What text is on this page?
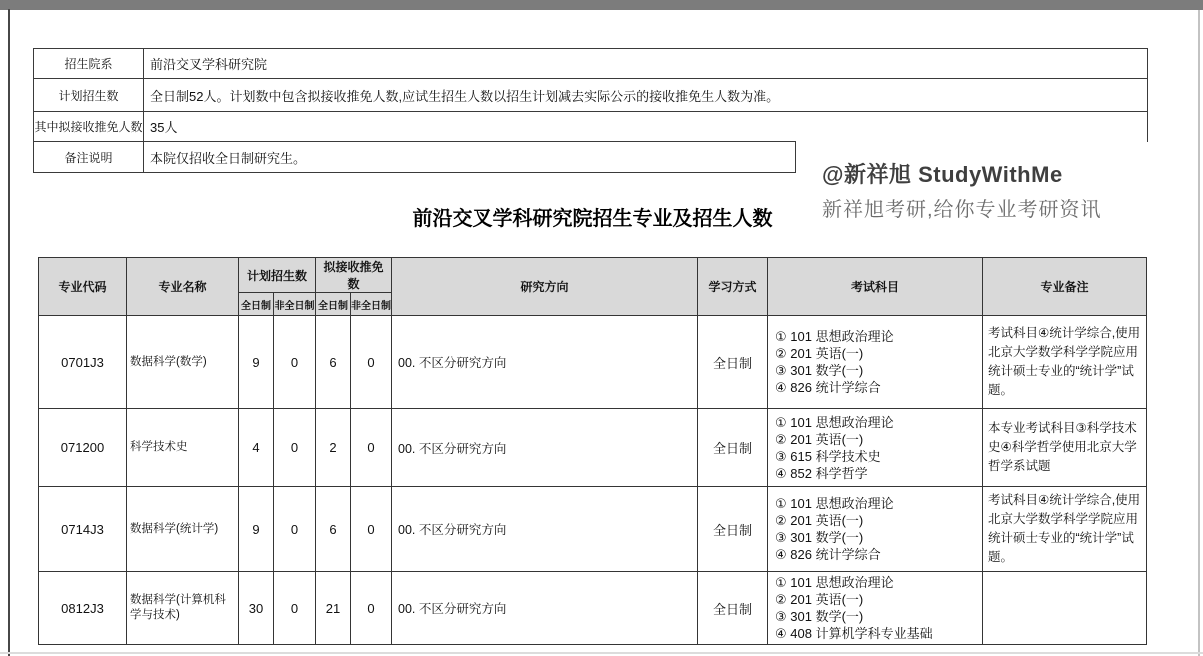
招生院系	前沿交叉学科研究院
计划招生数	全日制52人。计划数中包含拟接收推免人数,应试生招生人数以招生计划减去实际公示的接收推免生人数为准。
其中拟接收推免人数	35人
备注说明	本院仅招收全日制研究生。
@新祥旭 StudyWithMe
新祥旭考研,给你专业考研资讯
前沿交叉学科研究院招生专业及招生人数
专业代码	专业名称	计划招生数		拟接收推免数		研究方向	学习方式	考试科目	专业备注
		全日制	非全日制	全日制	非全日制				
0701J3	数据科学(数学)	9	0	6	0	00. 不区分研究方向	全日制	① 101 思想政治理论
② 201 英语(一)
③ 301 数学(一)
④ 826 统计学综合	考试科目④统计学综合,使用北京大学数学科学学院应用统计硕士专业的“统计学”试题。
071200	科学技术史	4	0	2	0	00. 不区分研究方向	全日制	① 101 思想政治理论
② 201 英语(一)
③ 615 科学技术史
④ 852 科学哲学	本专业考试科目③科学技术史④科学哲学使用北京大学哲学系试题
0714J3	数据科学(统计学)	9	0	6	0	00. 不区分研究方向	全日制	① 101 思想政治理论
② 201 英语(一)
③ 301 数学(一)
④ 826 统计学综合	考试科目④统计学综合,使用北京大学数学科学学院应用统计硕士专业的“统计学”试题。
0812J3	数据科学(计算机科学与技术)	30	0	21	0	00. 不区分研究方向	全日制	① 101 思想政治理论
② 201 英语(一)
③ 301 数学(一)
④ 408 计算机学科专业基础	
